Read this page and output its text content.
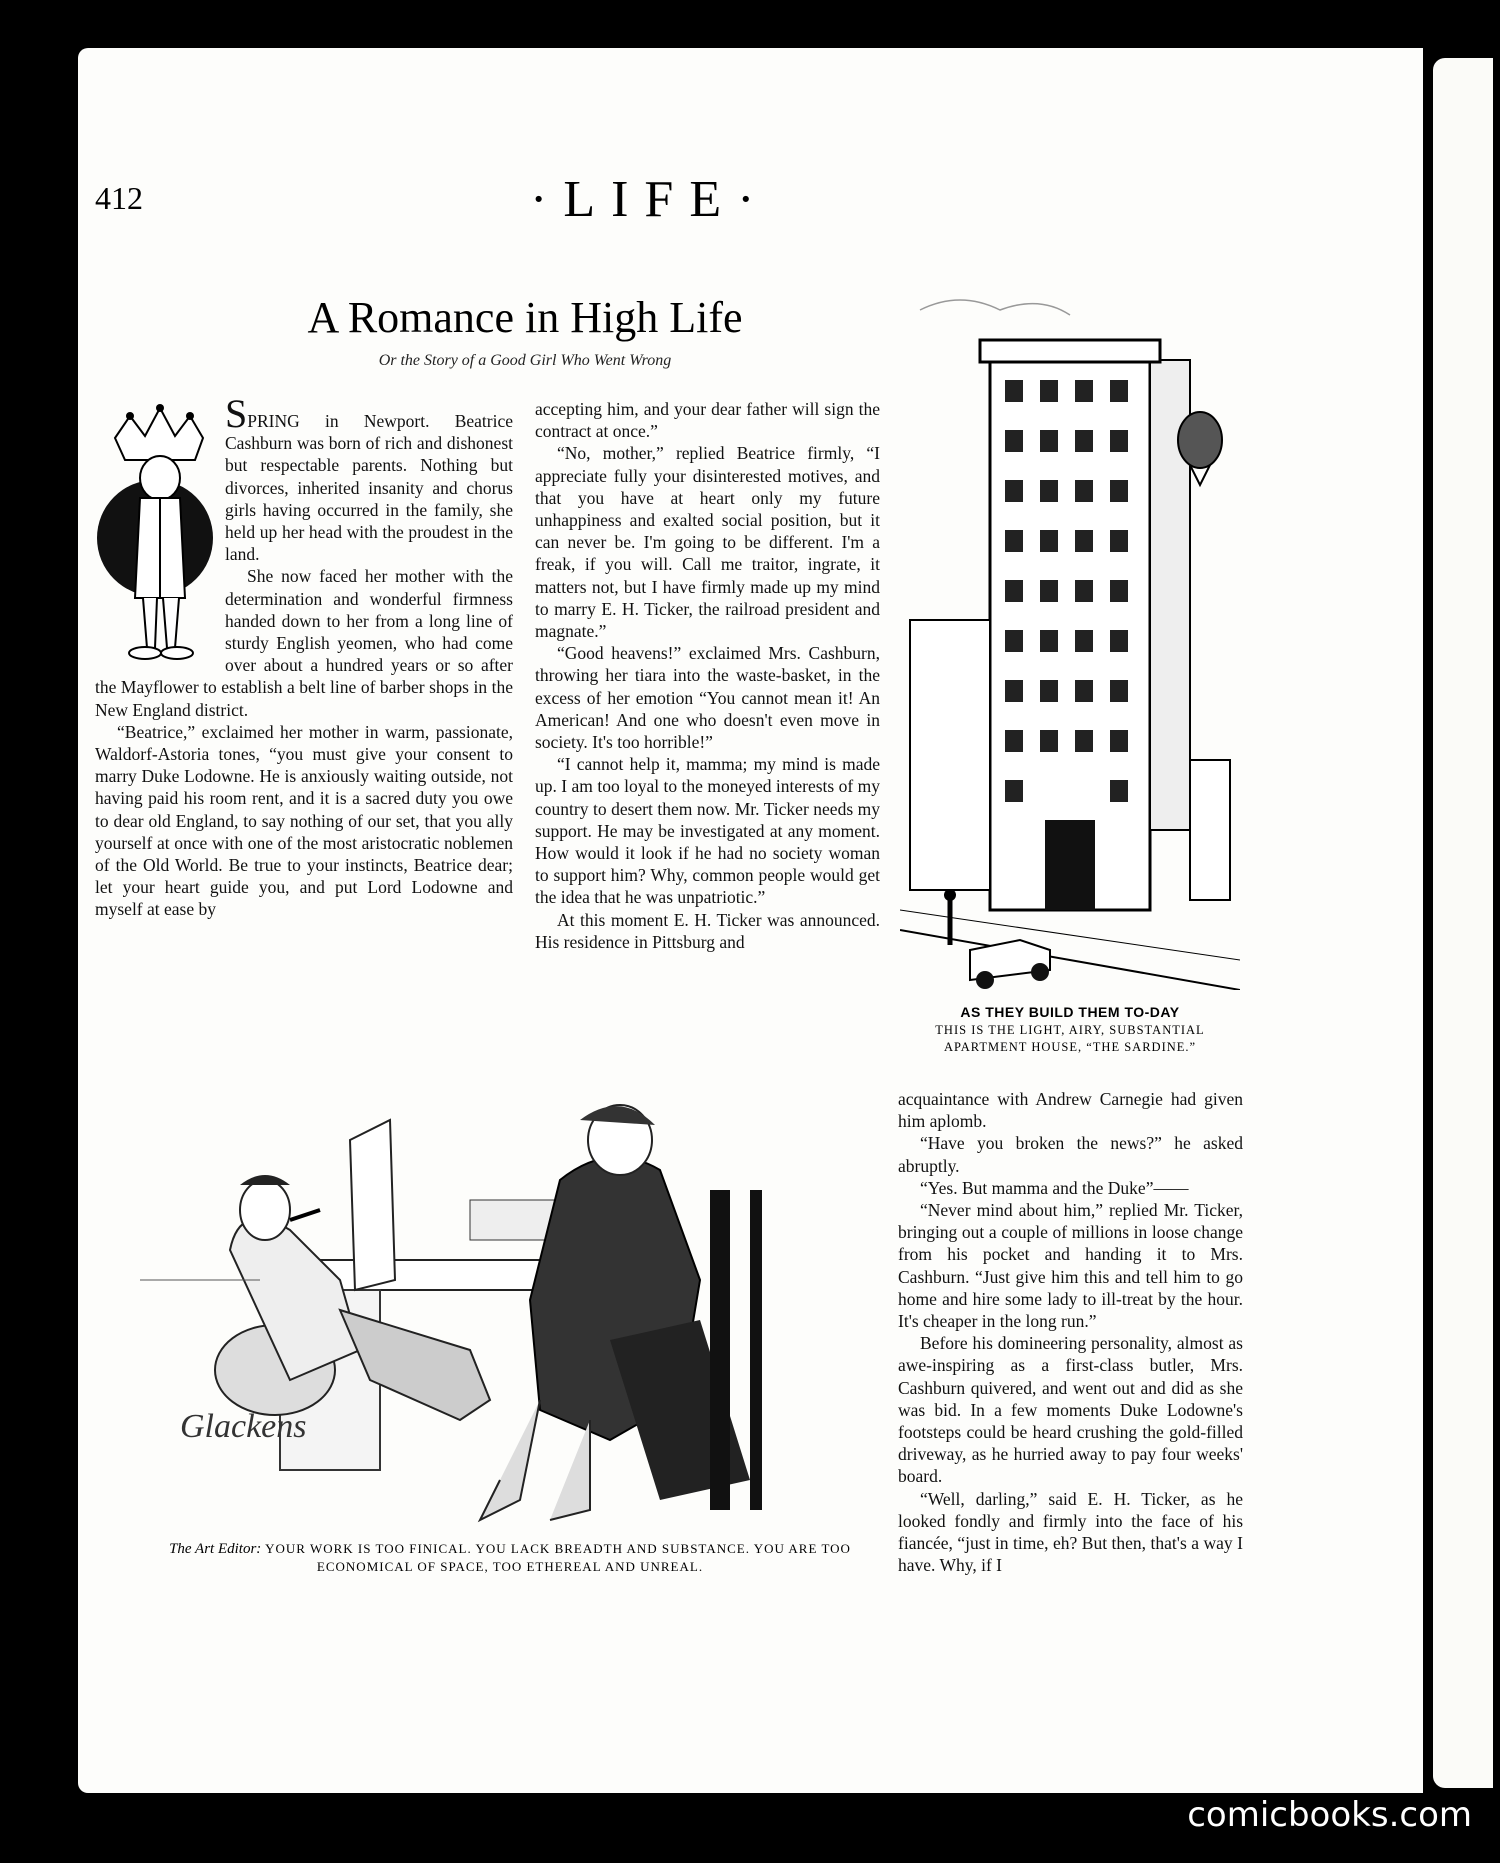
412	·LIFE·
A Romance in High Life
Or the Story of a Good Girl Who Went Wrong

SPRING in Newport. Beatrice Cashburn was born of rich and dishonest but respectable parents. Nothing but divorces, inherited insanity and chorus girls having occurred in the family, she held up her head with the proudest in the land.

She now faced her mother with the determination and wonderful firmness handed down to her from a long line of sturdy English yeomen, who had come over about a hundred years or so after the Mayflower to establish a belt line of barber shops in the New England district.

“Beatrice,” exclaimed her mother in warm, passionate, Waldorf-Astoria tones, “you must give your consent to marry Duke Lodowne. He is anxiously waiting outside, not having paid his room rent, and it is a sacred duty you owe to dear old England, to say nothing of our set, that you ally yourself at once with one of the most aristocratic noblemen of the Old World. Be true to your instincts, Beatrice dear; let your heart guide you, and put Lord Lodowne and myself at ease by

accepting him, and your dear father will sign the contract at once.”

“No, mother,” replied Beatrice firmly, “I appreciate fully your disinterested motives, and that you have at heart only my future unhappiness and exalted social position, but it can never be. I'm going to be different. I'm a freak, if you will. Call me traitor, ingrate, it matters not, but I have firmly made up my mind to marry E. H. Ticker, the railroad president and magnate.”

“Good heavens!” exclaimed Mrs. Cashburn, throwing her tiara into the waste-basket, in the excess of her emotion “You cannot mean it! An American! And one who doesn't even move in society. It's too horrible!”

“I cannot help it, mamma; my mind is made up. I am too loyal to the moneyed interests of my country to desert them now. Mr. Ticker needs my support. He may be investigated at any moment. How would it look if he had no society woman to support him? Why, common people would get the idea that he was unpatriotic.”

At this moment E. H. Ticker was announced. His residence in Pittsburg and

AS THEY BUILD THEM TO-DAY
THIS IS THE LIGHT, AIRY, SUBSTANTIAL APARTMENT HOUSE, “THE SARDINE.”

acquaintance with Andrew Carnegie had given him aplomb.

“Have you broken the news?” he asked abruptly.

“Yes. But mamma and the Duke”——

“Never mind about him,” replied Mr. Ticker, bringing out a couple of millions in loose change from his pocket and handing it to Mrs. Cashburn. “Just give him this and tell him to go home and hire some lady to ill-treat by the hour. It's cheaper in the long run.”

Before his domineering personality, almost as awe-inspiring as a first-class butler, Mrs. Cashburn quivered, and went out and did as she was bid. In a few moments Duke Lodowne's footsteps could be heard crushing the gold-filled driveway, as he hurried away to pay four weeks' board.

“Well, darling,” said E. H. Ticker, as he looked fondly and firmly into the face of his fiancée, “just in time, eh? But then, that's a way I have. Why, if I

Glackens
The Art Editor: YOUR WORK IS TOO FINICAL. YOU LACK BREADTH AND SUBSTANCE. YOU ARE TOO ECONOMICAL OF SPACE, TOO ETHEREAL AND UNREAL.
comicbooks.com
